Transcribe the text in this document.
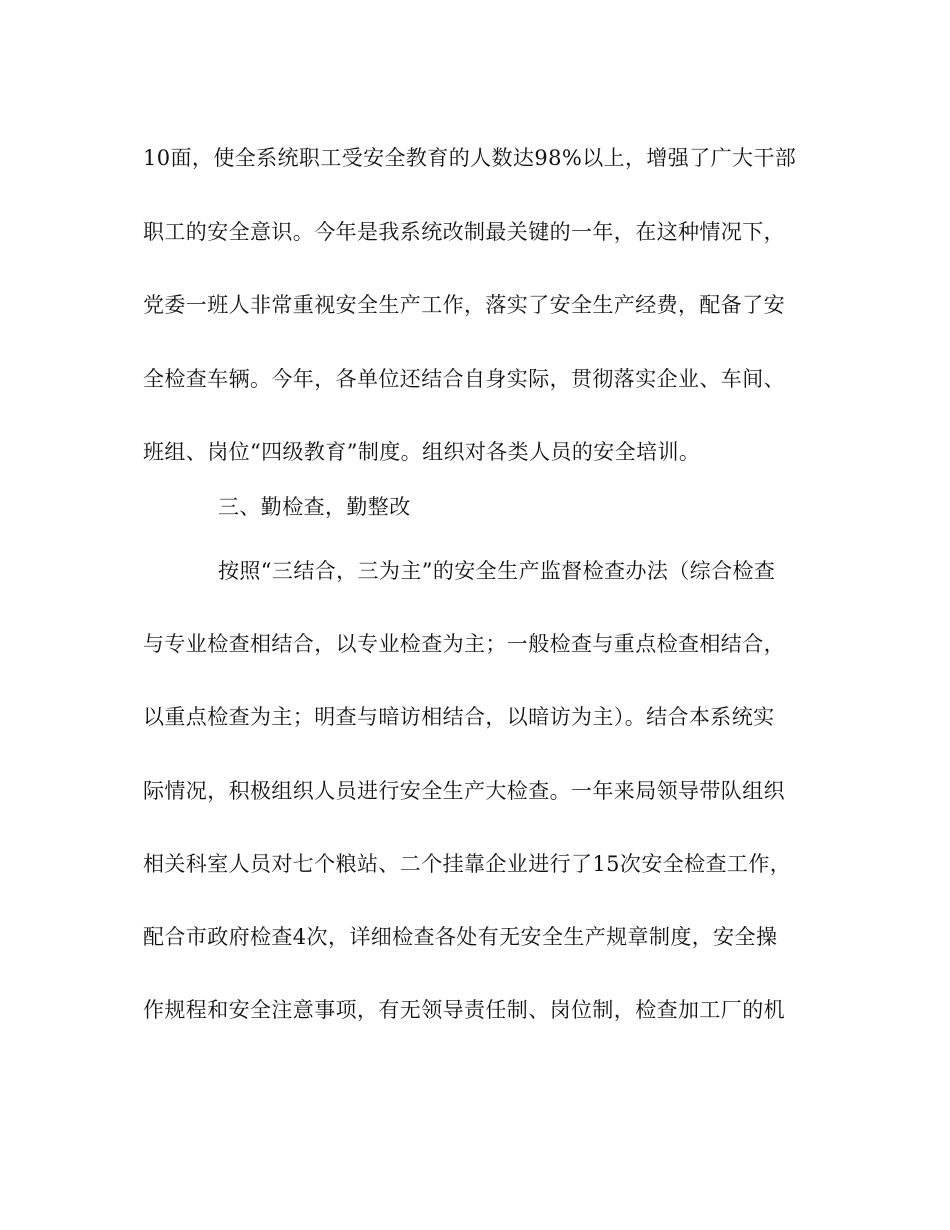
10面，使全系统职工受安全教育的人数达98%以上，增强了广大干部
职工的安全意识。今年是我系统改制最关键的一年，在这种情况下，
党委一班人非常重视安全生产工作，落实了安全生产经费，配备了安
全检查车辆。今年，各单位还结合自身实际，贯彻落实企业、车间、
班组、岗位“四级教育”制度。组织对各类人员的安全培训。
三、勤检查，勤整改
按照“三结合，三为主”的安全生产监督检查办法（综合检查
与专业检查相结合，以专业检查为主；一般检查与重点检查相结合，
以重点检查为主；明查与暗访相结合，以暗访为主）。结合本系统实
际情况，积极组织人员进行安全生产大检查。一年来局领导带队组织
相关科室人员对七个粮站、二个挂靠企业进行了15次安全检查工作，
配合市政府检查4次，详细检查各处有无安全生产规章制度，安全操
作规程和安全注意事项，有无领导责任制、岗位制，检查加工厂的机
